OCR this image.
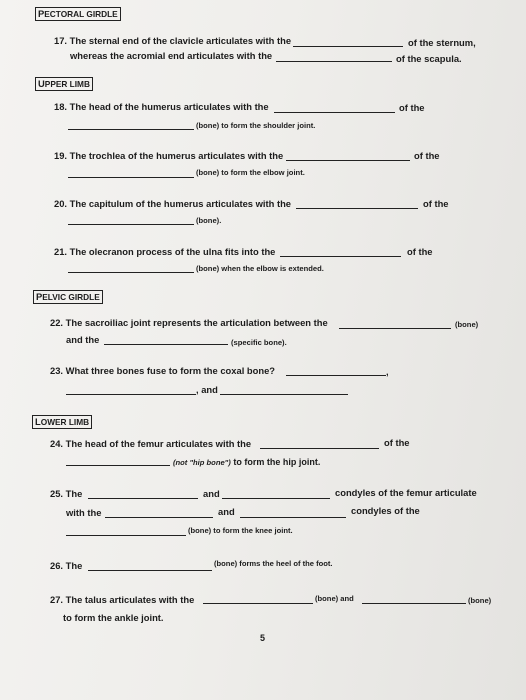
PECTORAL GIRDLE
17. The sternal end of the clavicle articulates with the	of the sternum,
whereas the acromial end articulates with the	of the scapula.
UPPER LIMB
18. The head of the humerus articulates with the	of the
(bone) to form the shoulder joint.
19. The trochlea of the humerus articulates with the	of the
(bone) to form the elbow joint.
20. The capitulum of the humerus articulates with the	of the
(bone).
21. The olecranon process of the ulna fits into the	of the
(bone) when the elbow is extended.
PELVIC GIRDLE
22. The sacroiliac joint represents the articulation between the	(bone)
and the	(specific bone).
23. What three bones fuse to form the coxal bone?	,
, and
LOWER LIMB
24. The head of the femur articulates with the	of the
(not "hip bone") to form the hip joint.
25. The	and	condyles of the femur articulate
with the	and	condyles of the
(bone) to form the knee joint.
26. The	(bone) forms the heel of the foot.
27. The talus articulates with the	(bone) and	(bone)
to form the ankle joint.
5
